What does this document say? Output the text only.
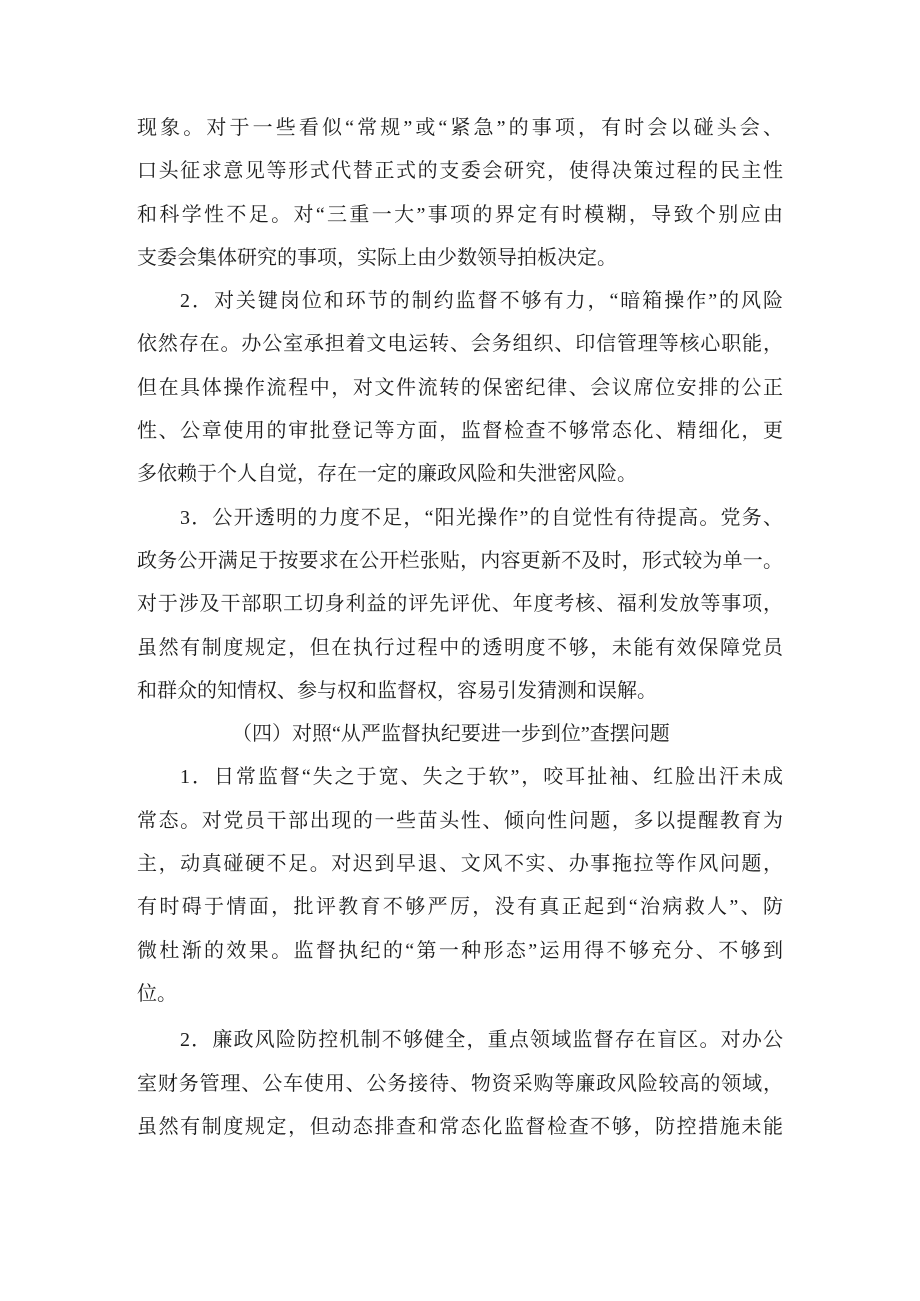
现象。对于一些看似“常规”或“紧急”的事项，有时会以碰头会、
口头征求意见等形式代替正式的支委会研究，使得决策过程的民主性
和科学性不足。对“三重一大”事项的界定有时模糊，导致个别应由
支委会集体研究的事项，实际上由少数领导拍板决定。
2．对关键岗位和环节的制约监督不够有力，“暗箱操作”的风险
依然存在。办公室承担着文电运转、会务组织、印信管理等核心职能，
但在具体操作流程中，对文件流转的保密纪律、会议席位安排的公正
性、公章使用的审批登记等方面，监督检查不够常态化、精细化，更
多依赖于个人自觉，存在一定的廉政风险和失泄密风险。
3．公开透明的力度不足，“阳光操作”的自觉性有待提高。党务、
政务公开满足于按要求在公开栏张贴，内容更新不及时，形式较为单一。
对于涉及干部职工切身利益的评先评优、年度考核、福利发放等事项，
虽然有制度规定，但在执行过程中的透明度不够，未能有效保障党员
和群众的知情权、参与权和监督权，容易引发猜测和误解。
（四）对照“从严监督执纪要进一步到位”查摆问题
1．日常监督“失之于宽、失之于软”，咬耳扯袖、红脸出汗未成
常态。对党员干部出现的一些苗头性、倾向性问题，多以提醒教育为
主，动真碰硬不足。对迟到早退、文风不实、办事拖拉等作风问题，
有时碍于情面，批评教育不够严厉，没有真正起到“治病救人”、防
微杜渐的效果。监督执纪的“第一种形态”运用得不够充分、不够到
位。
2．廉政风险防控机制不够健全，重点领域监督存在盲区。对办公
室财务管理、公车使用、公务接待、物资采购等廉政风险较高的领域，
虽然有制度规定，但动态排查和常态化监督检查不够，防控措施未能
